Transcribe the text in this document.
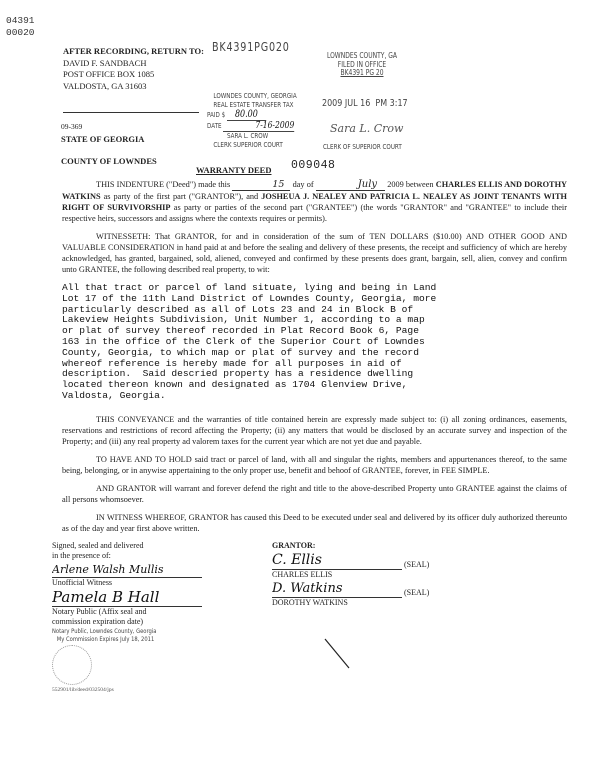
04391
00020
AFTER RECORDING, RETURN TO:
DAVID F. SANDBACH
POST OFFICE BOX 1085
VALDOSTA, GA 31603
BK4391PG020
LOWNDES COUNTY, GA
FILED IN OFFICE
BK4391 PG 20
2009 JUL 16  PM 3:17
Sara L. Crow
CLERK OF SUPERIOR COURT
LOWNDES COUNTY, GEORGIA
REAL ESTATE TRANSFER TAX
PAID $ 80.00
DATE	7-16-2009
SARA L. CROW
CLERK SUPERIOR COURT
09-369
STATE OF GEORGIA
COUNTY OF LOWNDES
WARRANTY DEED 009048
THIS INDENTURE ("Deed") made this	15 day of	July 2009 between CHARLES ELLIS AND DOROTHY WATKINS as party of the first part ("GRANTOR"), and JOSHEUA J. NEALEY AND PATRICIA L. NEALEY AS JOINT TENANTS WITH RIGHT OF SURVIVORSHIP as party or parties of the second part ("GRANTEE") (the words "GRANTOR" and "GRANTEE" to include their respective heirs, successors and assigns where the contexts requires or permits).
WITNESSETH: That GRANTOR, for and in consideration of the sum of TEN DOLLARS ($10.00) AND OTHER GOOD AND VALUABLE CONSIDERATION in hand paid at and before the sealing and delivery of these presents, the receipt and sufficiency of which are hereby acknowledged, has granted, bargained, sold, aliened, conveyed and confirmed by these presents does grant, bargain, sell, alien, convey and confirm unto GRANTEE, the following described real property, to wit:
All that tract or parcel of land situate, lying and being in Land
Lot 17 of the 11th Land District of Lowndes County, Georgia, more
particularly described as all of Lots 23 and 24 in Block B of
Lakeview Heights Subdivision, Unit Number 1, according to a map
or plat of survey thereof recorded in Plat Record Book 6, Page
163 in the office of the Clerk of the Superior Court of Lowndes
County, Georgia, to which map or plat of survey and the record
whereof reference is hereby made for all purposes in aid of
description.  Said descried property has a residence dwelling
located thereon known and designated as 1704 Glenview Drive,
Valdosta, Georgia.
THIS CONVEYANCE and the warranties of title contained herein are expressly made subject to: (i) all zoning ordinances, easements, reservations and restrictions of record affecting the Property; (ii) any matters that would be disclosed by an accurate survey and inspection of the Property; and (iii) any real property ad valorem taxes for the current year which are not yet due and payable.
TO HAVE AND TO HOLD said tract or parcel of land, with all and singular the rights, members and appurtenances thereof, to the same being, belonging, or in anywise appertaining to the only proper use, benefit and behoof of GRANTEE, forever, in FEE SIMPLE.
AND GRANTOR will warrant and forever defend the right and title to the above-described Property unto GRANTEE against the claims of all persons whomsoever.
IN WITNESS WHEREOF, GRANTOR has caused this Deed to be executed under seal and delivered by its officer duly authorized thereunto as of the day and year first above written.
Signed, sealed and delivered
in the presence of:
Arlene Walsh Mullis
Unofficial Witness
Pamela B Hall
Notary Public (Affix seal and
commission expiration date)
Notary Public, Lowndes County, Georgia
My Commission Expires July 18, 2011
552901/lib/deed/032504/jps
GRANTOR:
C. Ellis	(SEAL)
CHARLES ELLIS
D. Watkins	(SEAL)
DOROTHY WATKINS
